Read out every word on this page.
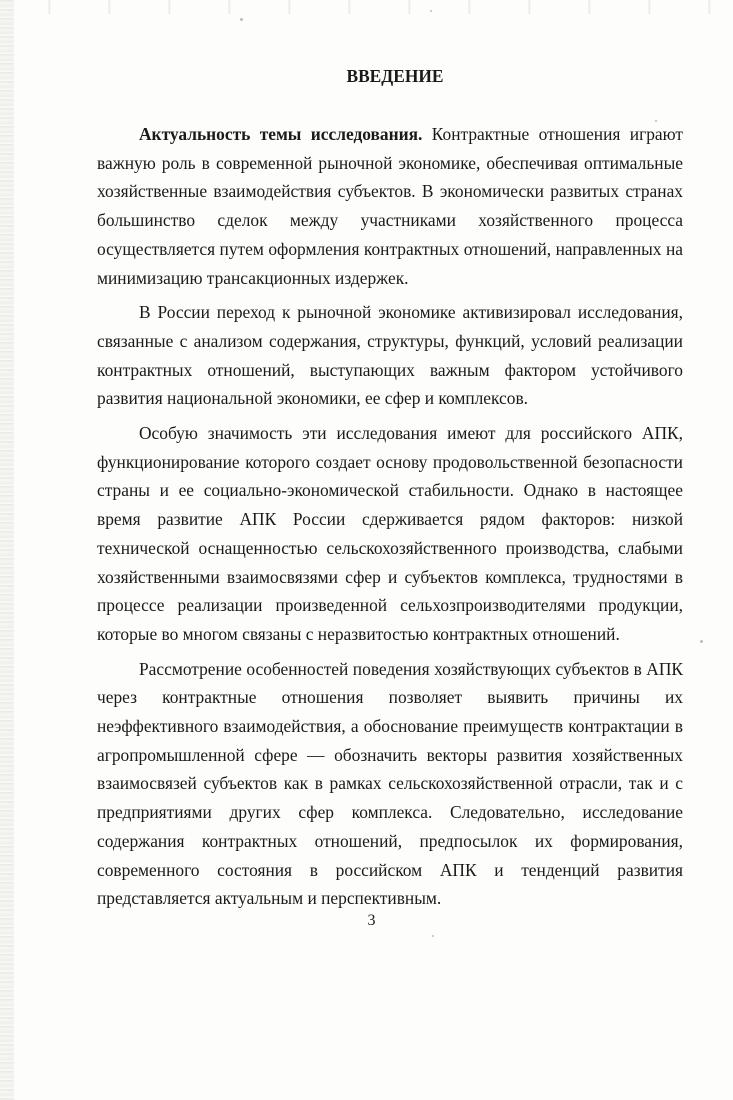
ВВЕДЕНИЕ

Актуальность темы исследования. Контрактные отношения играют важную роль в современной рыночной экономике, обеспечивая оптимальные хозяйственные взаимодействия субъектов. В экономически развитых странах большинство сделок между участниками хозяйственного процесса осуществляется путем оформления контрактных отношений, направленных на минимизацию трансакционных издержек.

В России переход к рыночной экономике активизировал исследования, связанные с анализом содержания, структуры, функций, условий реализации контрактных отношений, выступающих важным фактором устойчивого развития национальной экономики, ее сфер и комплексов.

Особую значимость эти исследования имеют для российского АПК, функционирование которого создает основу продовольственной безопасности страны и ее социально-экономической стабильности. Однако в настоящее время развитие АПК России сдерживается рядом факторов: низкой технической оснащенностью сельскохозяйственного производства, слабыми хозяйственными взаимосвязями сфер и субъектов комплекса, трудностями в процессе реализации произведенной сельхозпроизводителями продукции, которые во многом связаны с неразвитостью контрактных отношений.

Рассмотрение особенностей поведения хозяйствующих субъектов в АПК через контрактные отношения позволяет выявить причины их неэффективного взаимодействия, а обоснование преимуществ контрактации в агропромышленной сфере — обозначить векторы развития хозяйственных взаимосвязей субъектов как в рамках сельскохозяйственной отрасли, так и с предприятиями других сфер комплекса. Следовательно, исследование содержания контрактных отношений, предпосылок их формирования, современного состояния в российском АПК и тенденций развития представляется актуальным и перспективным.

3
